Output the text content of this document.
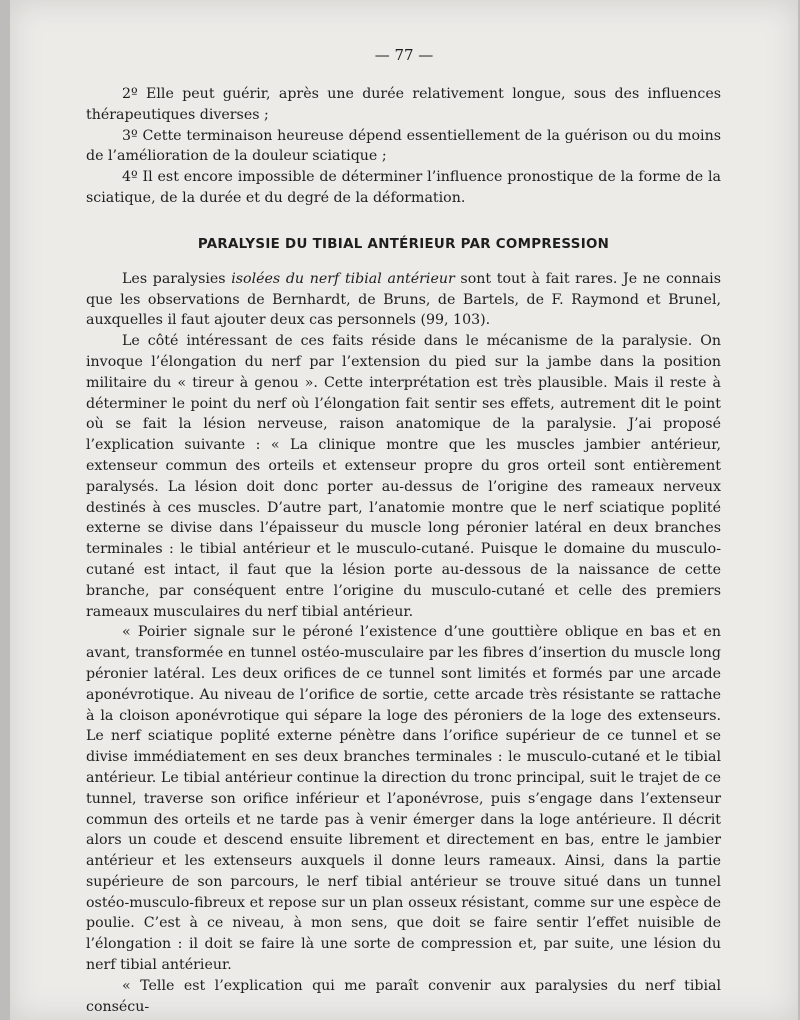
— 77 —

2º Elle peut guérir, après une durée relativement longue, sous des influences thérapeutiques diverses ;

3º Cette terminaison heureuse dépend essentiellement de la guérison ou du moins de l’amélioration de la douleur sciatique ;

4º Il est encore impossible de déterminer l’influence pronostique de la forme de la sciatique, de la durée et du degré de la déformation.

PARALYSIE DU TIBIAL ANTÉRIEUR PAR COMPRESSION

Les paralysies isolées du nerf tibial antérieur sont tout à fait rares. Je ne connais que les observations de Bernhardt, de Bruns, de Bartels, de F. Raymond et Brunel, auxquelles il faut ajouter deux cas personnels (99, 103).

Le côté intéressant de ces faits réside dans le mécanisme de la paralysie. On invoque l’élongation du nerf par l’extension du pied sur la jambe dans la position militaire du « tireur à genou ». Cette interprétation est très plausible. Mais il reste à déterminer le point du nerf où l’élongation fait sentir ses effets, autrement dit le point où se fait la lésion nerveuse, raison anatomique de la paralysie. J’ai proposé l’explication suivante : « La clinique montre que les muscles jambier antérieur, extenseur commun des orteils et extenseur propre du gros orteil sont entièrement paralysés. La lésion doit donc porter au-dessus de l’origine des rameaux nerveux destinés à ces muscles. D’autre part, l’anatomie montre que le nerf sciatique poplité externe se divise dans l’épaisseur du muscle long péronier latéral en deux branches terminales : le tibial antérieur et le musculo-cutané. Puisque le domaine du musculo-cutané est intact, il faut que la lésion porte au-dessous de la naissance de cette branche, par conséquent entre l’origine du musculo-cutané et celle des premiers rameaux musculaires du nerf tibial antérieur.

« Poirier signale sur le péroné l’existence d’une gouttière oblique en bas et en avant, transformée en tunnel ostéo-musculaire par les fibres d’insertion du muscle long péronier latéral. Les deux orifices de ce tunnel sont limités et formés par une arcade aponévrotique. Au niveau de l’orifice de sortie, cette arcade très résistante se rattache à la cloison aponévrotique qui sépare la loge des péroniers de la loge des extenseurs. Le nerf sciatique poplité externe pénètre dans l’orifice supérieur de ce tunnel et se divise immédiatement en ses deux branches terminales : le musculo-cutané et le tibial antérieur. Le tibial antérieur continue la direction du tronc principal, suit le trajet de ce tunnel, traverse son orifice inférieur et l’aponévrose, puis s’engage dans l’extenseur commun des orteils et ne tarde pas à venir émerger dans la loge antérieure. Il décrit alors un coude et descend ensuite librement et directement en bas, entre le jambier antérieur et les extenseurs auxquels il donne leurs rameaux. Ainsi, dans la partie supérieure de son parcours, le nerf tibial antérieur se trouve situé dans un tunnel ostéo-musculo-fibreux et repose sur un plan osseux résistant, comme sur une espèce de poulie. C’est à ce niveau, à mon sens, que doit se faire sentir l’effet nuisible de l’élongation : il doit se faire là une sorte de compression et, par suite, une lésion du nerf tibial antérieur.

« Telle est l’explication qui me paraît convenir aux paralysies du nerf tibial consécu-
